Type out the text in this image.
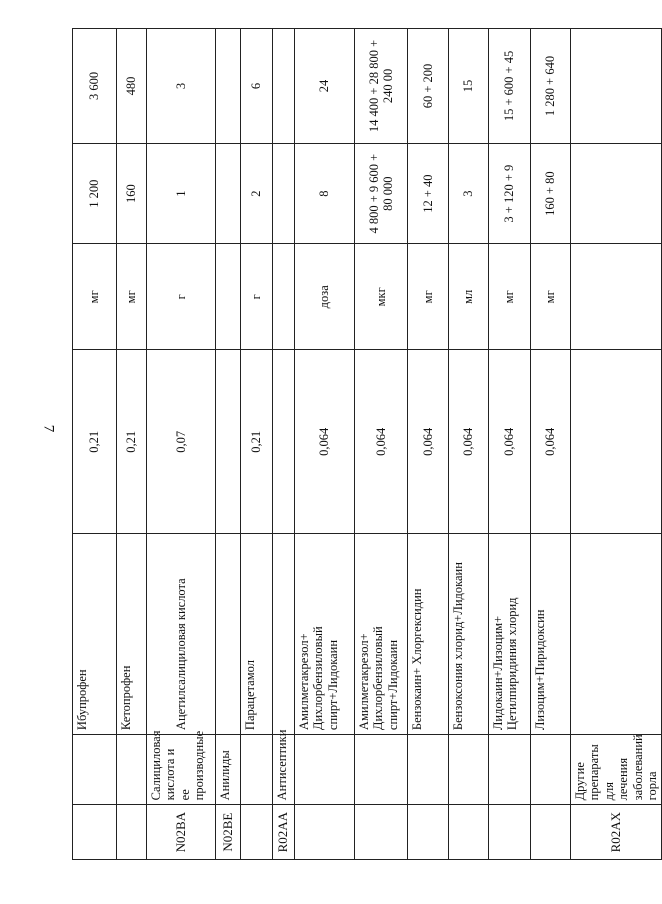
7
		Ибупрофен	0,21	мг	1 200	3 600
		Кетопрофен	0,21	мг	160	480
N02BA	Салициловая кислота и ее производные	Ацетилсалициловая кислота	0,07	г	1	3
N02BE	Анилиды					
		Парацетамол	0,21	г	2	6
R02AA	Антисептики					
		Амилметакрезол+ Дихлорбензиловый спирт+Лидокаин	0,064	доза	8	24
		Амилметакрезол+ Дихлорбензиловый спирт+Лидокаин	0,064	мкг	4 800 + 9 600 + 80 000	14 400 + 28 800 + 240 00
		Бензокаин+ Хлоргексидин	0,064	мг	12 + 40	60 + 200
		Бензоксония хлорид+Лидокаин	0,064	мл	3	15
		Лидокаин+Лизоцим+ Цетилпиридиния хлорид	0,064	мг	3 + 120 + 9	15 + 600 + 45
		Лизоцим+Пиридоксин	0,064	мг	160 + 80	1 280 + 640
R02AX	Другие препараты для лечения заболеваний горла					
